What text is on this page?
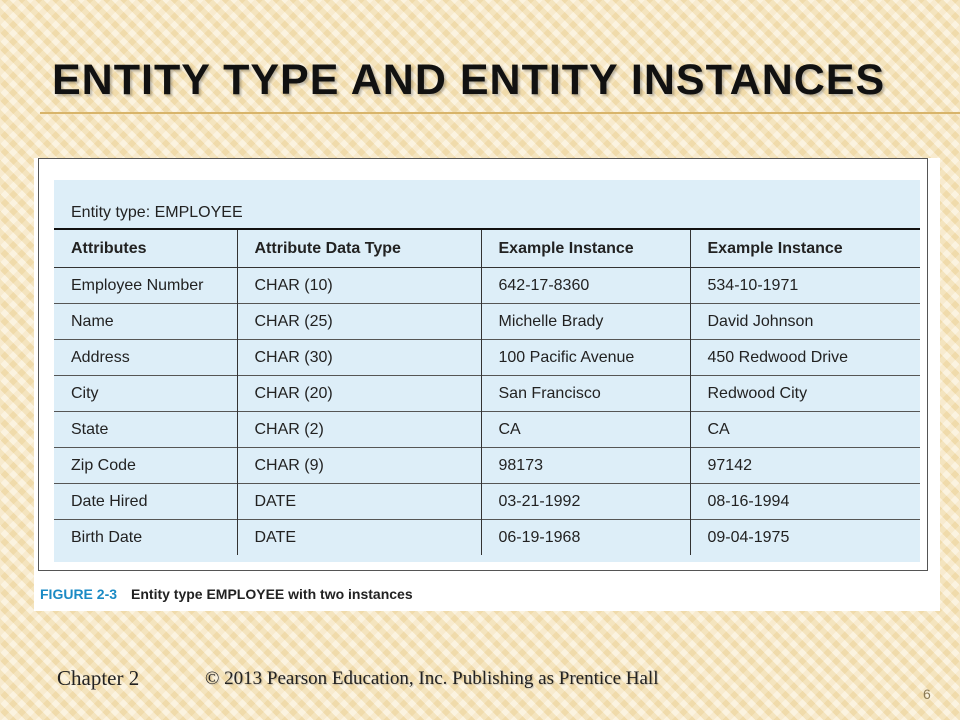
ENTITY TYPE AND ENTITY INSTANCES

Entity type: EMPLOYEE

Attributes	Attribute Data Type	Example Instance	Example Instance
Employee Number	CHAR (10)	642-17-8360	534-10-1971
Name	CHAR (25)	Michelle Brady	David Johnson
Address	CHAR (30)	100 Pacific Avenue	450 Redwood Drive
City	CHAR (20)	San Francisco	Redwood City
State	CHAR (2)	CA	CA
Zip Code	CHAR (9)	98173	97142
Date Hired	DATE	03-21-1992	08-16-1994
Birth Date	DATE	06-19-1968	09-04-1975

FIGURE 2-3 Entity type EMPLOYEE with two instances

Chapter 2	© 2013 Pearson Education, Inc. Publishing as Prentice Hall

6
